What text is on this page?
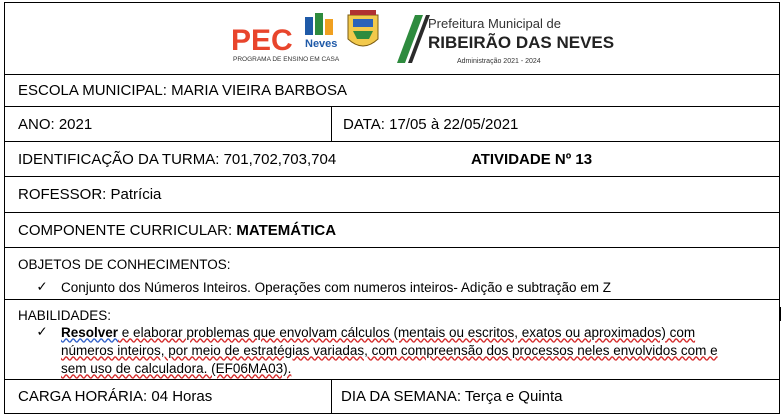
PEC Neves
PROGRAMA DE ENSINO EM CASA
Prefeitura Municipal de
RIBEIRÃO DAS NEVES
Administração 2021 - 2024
ESCOLA MUNICIPAL: MARIA VIEIRA BARBOSA
ANO: 2021	DATA: 17/05 à 22/05/2021
IDENTIFICAÇÃO DA TURMA: 701,702,703,704	ATIVIDADE Nº 13
ROFESSOR: Patrícia
COMPONENTE CURRICULAR: MATEMÁTICA
OBJETOS DE CONHECIMENTOS:
✓ Conjunto dos Números Inteiros. Operações com numeros inteiros- Adição e subtração em Z
HABILIDADES:
✓ Resolver e elaborar problemas que envolvam cálculos (mentais ou escritos, exatos ou aproximados) com
números inteiros, por meio de estratégias variadas, com compreensão dos processos neles envolvidos com e
sem uso de calculadora. (EF06MA03).
CARGA HORÁRIA: 04 Horas	DIA DA SEMANA: Terça e Quinta
